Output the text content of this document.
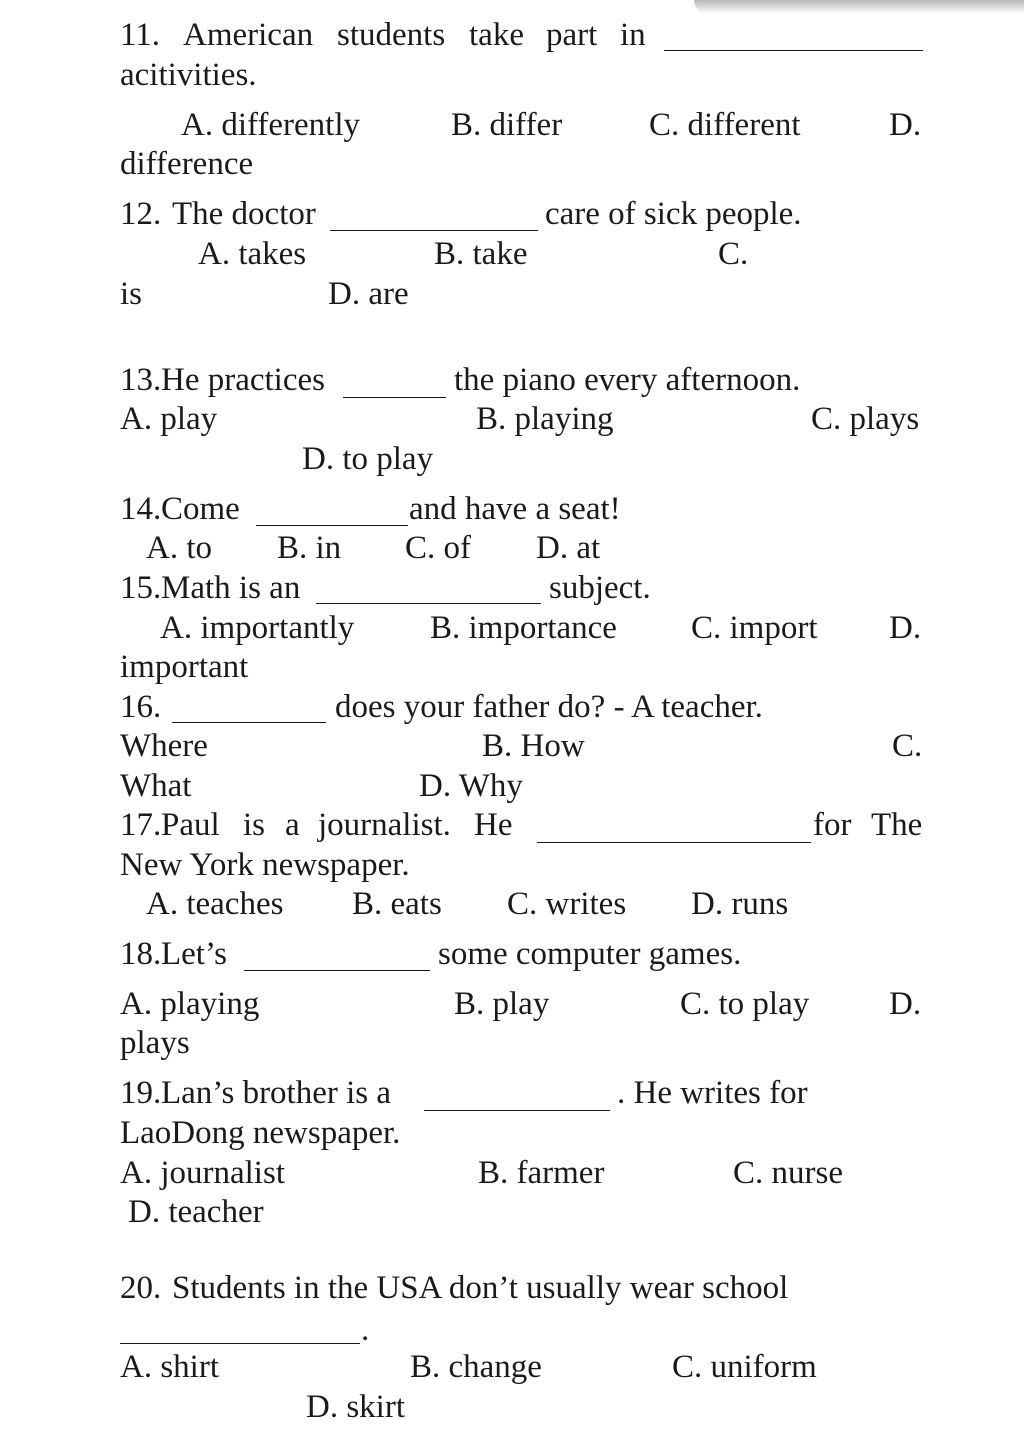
11. American students take part in
acitivities.
A. differently	B. differ	C. different	D.
difference
12. The doctor	care of sick people.
A. takes	B. take	C.
is	D. are
13. He practices	the piano every afternoon.
A. play	B. playing	C. plays
D. to play
14. Come	and have a seat!
A. to B. in C. of D. at
15. Math is an	subject.
A. importantly B. importance C. import D.
important
16.	does your father do? - A teacher.
Where	B. How	C.
What	D. Why
17. Paul is a journalist. He	for The
New York newspaper.
A. teaches B. eats C. writes D. runs
18. Let’s	some computer games.
A. playing	B. play	C. to play D.
plays
19. Lan’s brother is a	. He writes for
LaoDong newspaper.
A. journalist	B. farmer	C. nurse
D. teacher
20. Students in the USA don’t usually wear school
.
A. shirt	B. change	C. uniform
D. skirt
